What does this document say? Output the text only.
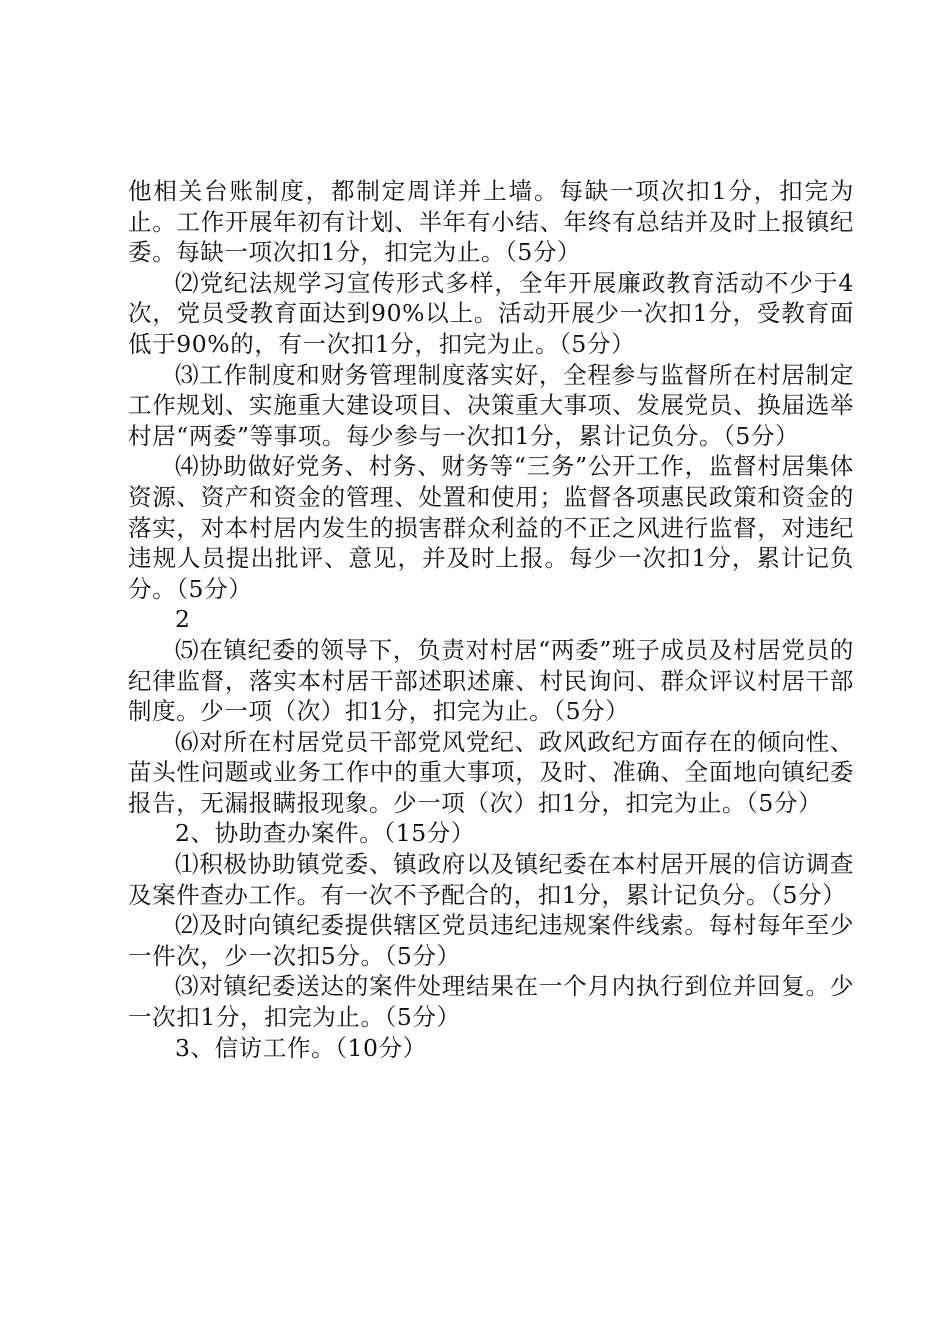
他相关台账制度，都制定周详并上墙。每缺一项次扣1分，扣完为止。工作开展年初有计划、半年有小结、年终有总结并及时上报镇纪委。每缺一项次扣1分，扣完为止。（5分）

⑵党纪法规学习宣传形式多样，全年开展廉政教育活动不少于4次，党员受教育面达到90%以上。活动开展少一次扣1分，受教育面低于90%的，有一次扣1分，扣完为止。（5分）

⑶工作制度和财务管理制度落实好，全程参与监督所在村居制定工作规划、实施重大建设项目、决策重大事项、发展党员、换届选举村居“两委”等事项。每少参与一次扣1分，累计记负分。（5分）

⑷协助做好党务、村务、财务等“三务”公开工作，监督村居集体资源、资产和资金的管理、处置和使用；监督各项惠民政策和资金的落实，对本村居内发生的损害群众利益的不正之风进行监督，对违纪违规人员提出批评、意见，并及时上报。每少一次扣1分，累计记负分。（5分）

2

⑸在镇纪委的领导下，负责对村居“两委”班子成员及村居党员的纪律监督，落实本村居干部述职述廉、村民询问、群众评议村居干部制度。少一项（次）扣1分，扣完为止。（5分）

⑹对所在村居党员干部党风党纪、政风政纪方面存在的倾向性、苗头性问题或业务工作中的重大事项，及时、准确、全面地向镇纪委报告，无漏报瞒报现象。少一项（次）扣1分，扣完为止。（5分）

2、协助查办案件。（15分）

⑴积极协助镇党委、镇政府以及镇纪委在本村居开展的信访调查及案件查办工作。有一次不予配合的，扣1分，累计记负分。（5分）

⑵及时向镇纪委提供辖区党员违纪违规案件线索。每村每年至少一件次，少一次扣5分。（5分）

⑶对镇纪委送达的案件处理结果在一个月内执行到位并回复。少一次扣1分，扣完为止。（5分）

3、信访工作。（10分）
